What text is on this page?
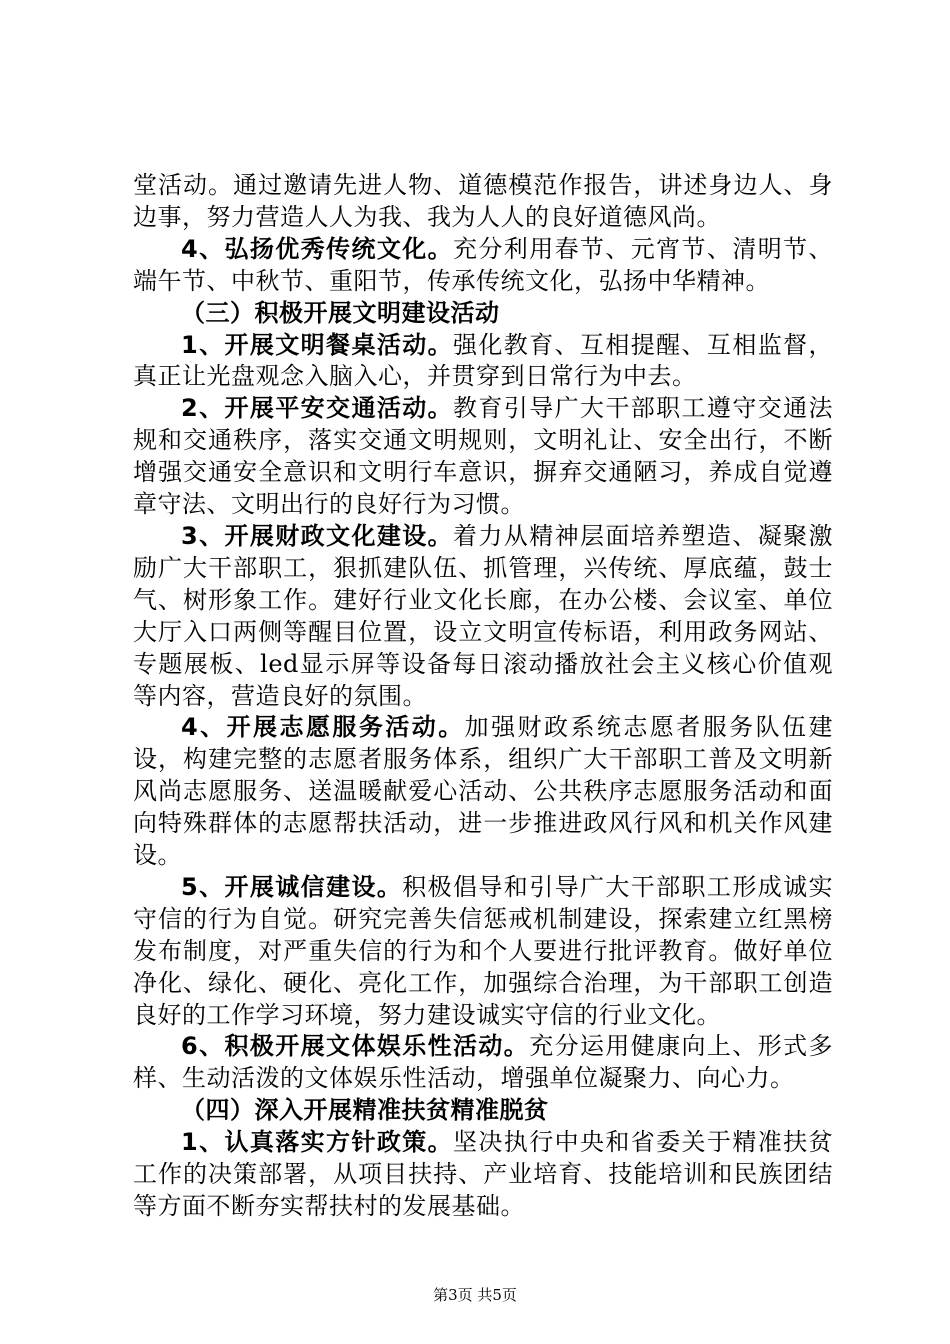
堂活动。通过邀请先进人物、道德模范作报告，讲述身边人、身边事，努力营造人人为我、我为人人的良好道德风尚。

4、弘扬优秀传统文化。充分利用春节、元宵节、清明节、端午节、中秋节、重阳节，传承传统文化，弘扬中华精神。

（三）积极开展文明建设活动

1、开展文明餐桌活动。强化教育、互相提醒、互相监督，真正让光盘观念入脑入心，并贯穿到日常行为中去。

2、开展平安交通活动。教育引导广大干部职工遵守交通法规和交通秩序，落实交通文明规则，文明礼让、安全出行，不断增强交通安全意识和文明行车意识，摒弃交通陋习，养成自觉遵章守法、文明出行的良好行为习惯。

3、开展财政文化建设。着力从精神层面培养塑造、凝聚激励广大干部职工，狠抓建队伍、抓管理，兴传统、厚底蕴，鼓士气、树形象工作。建好行业文化长廊，在办公楼、会议室、单位大厅入口两侧等醒目位置，设立文明宣传标语，利用政务网站、专题展板、led显示屏等设备每日滚动播放社会主义核心价值观等内容，营造良好的氛围。

4、开展志愿服务活动。加强财政系统志愿者服务队伍建设，构建完整的志愿者服务体系，组织广大干部职工普及文明新风尚志愿服务、送温暖献爱心活动、公共秩序志愿服务活动和面向特殊群体的志愿帮扶活动，进一步推进政风行风和机关作风建设。

5、开展诚信建设。积极倡导和引导广大干部职工形成诚实守信的行为自觉。研究完善失信惩戒机制建设，探索建立红黑榜发布制度，对严重失信的行为和个人要进行批评教育。做好单位净化、绿化、硬化、亮化工作，加强综合治理，为干部职工创造良好的工作学习环境，努力建设诚实守信的行业文化。

6、积极开展文体娱乐性活动。充分运用健康向上、形式多样、生动活泼的文体娱乐性活动，增强单位凝聚力、向心力。

（四）深入开展精准扶贫精准脱贫

1、认真落实方针政策。坚决执行中央和省委关于精准扶贫工作的决策部署，从项目扶持、产业培育、技能培训和民族团结等方面不断夯实帮扶村的发展基础。

第3页 共5页
